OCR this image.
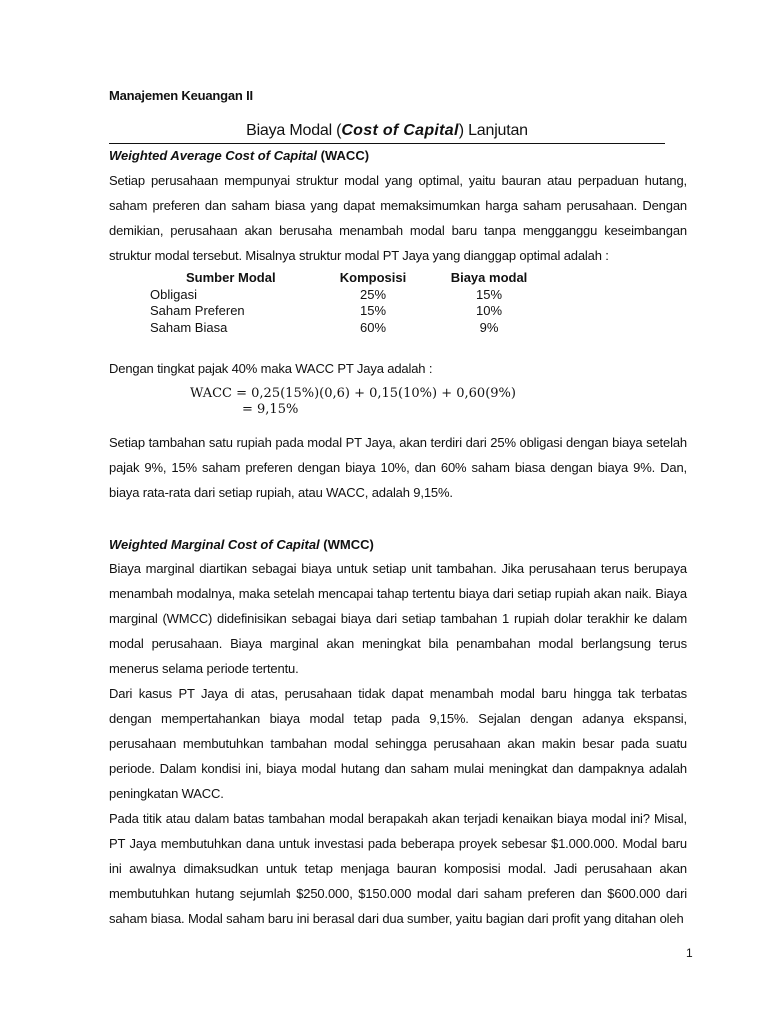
Manajemen Keuangan II
Biaya Modal (Cost of Capital) Lanjutan
Weighted Average Cost of Capital (WACC)
Setiap perusahaan mempunyai struktur modal yang optimal, yaitu bauran atau perpaduan hutang, saham preferen dan saham biasa yang dapat memaksimumkan harga saham perusahaan. Dengan demikian, perusahaan akan berusaha menambah modal baru tanpa mengganggu keseimbangan struktur modal tersebut. Misalnya struktur modal PT Jaya yang dianggap optimal adalah :
Sumber Modal	Komposisi	Biaya modal
Obligasi	25%	15%
Saham Preferen	15%	10%
Saham Biasa	60%	9%
Dengan tingkat pajak 40% maka WACC PT Jaya adalah :
WACC = 0,25(15%)(0,6) + 0,15(10%) + 0,60(9%)
= 9,15%
Setiap tambahan satu rupiah pada modal PT Jaya, akan terdiri dari 25% obligasi dengan biaya setelah pajak 9%, 15% saham preferen dengan biaya 10%, dan 60% saham biasa dengan biaya 9%. Dan, biaya rata-rata dari setiap rupiah, atau WACC, adalah 9,15%.
Weighted Marginal Cost of Capital (WMCC)
Biaya marginal diartikan sebagai biaya untuk setiap unit tambahan. Jika perusahaan terus berupaya menambah modalnya, maka setelah mencapai tahap tertentu biaya dari setiap rupiah akan naik. Biaya marginal (WMCC) didefinisikan sebagai biaya dari setiap tambahan 1 rupiah dolar terakhir ke dalam modal perusahaan. Biaya marginal akan meningkat bila penambahan modal berlangsung terus menerus selama periode tertentu.
Dari kasus PT Jaya di atas, perusahaan tidak dapat menambah modal baru hingga tak terbatas dengan mempertahankan biaya modal tetap pada 9,15%. Sejalan dengan adanya ekspansi, perusahaan membutuhkan tambahan modal sehingga perusahaan akan makin besar pada suatu periode. Dalam kondisi ini, biaya modal hutang dan saham mulai meningkat dan dampaknya adalah peningkatan WACC.
Pada titik atau dalam batas tambahan modal berapakah akan terjadi kenaikan biaya modal ini? Misal, PT Jaya membutuhkan dana untuk investasi pada beberapa proyek sebesar $1.000.000. Modal baru ini awalnya dimaksudkan untuk tetap menjaga bauran komposisi modal. Jadi perusahaan akan membutuhkan hutang sejumlah $250.000, $150.000 modal dari saham preferen dan $600.000 dari saham biasa. Modal saham baru ini berasal dari dua sumber, yaitu bagian dari profit yang ditahan oleh
1
